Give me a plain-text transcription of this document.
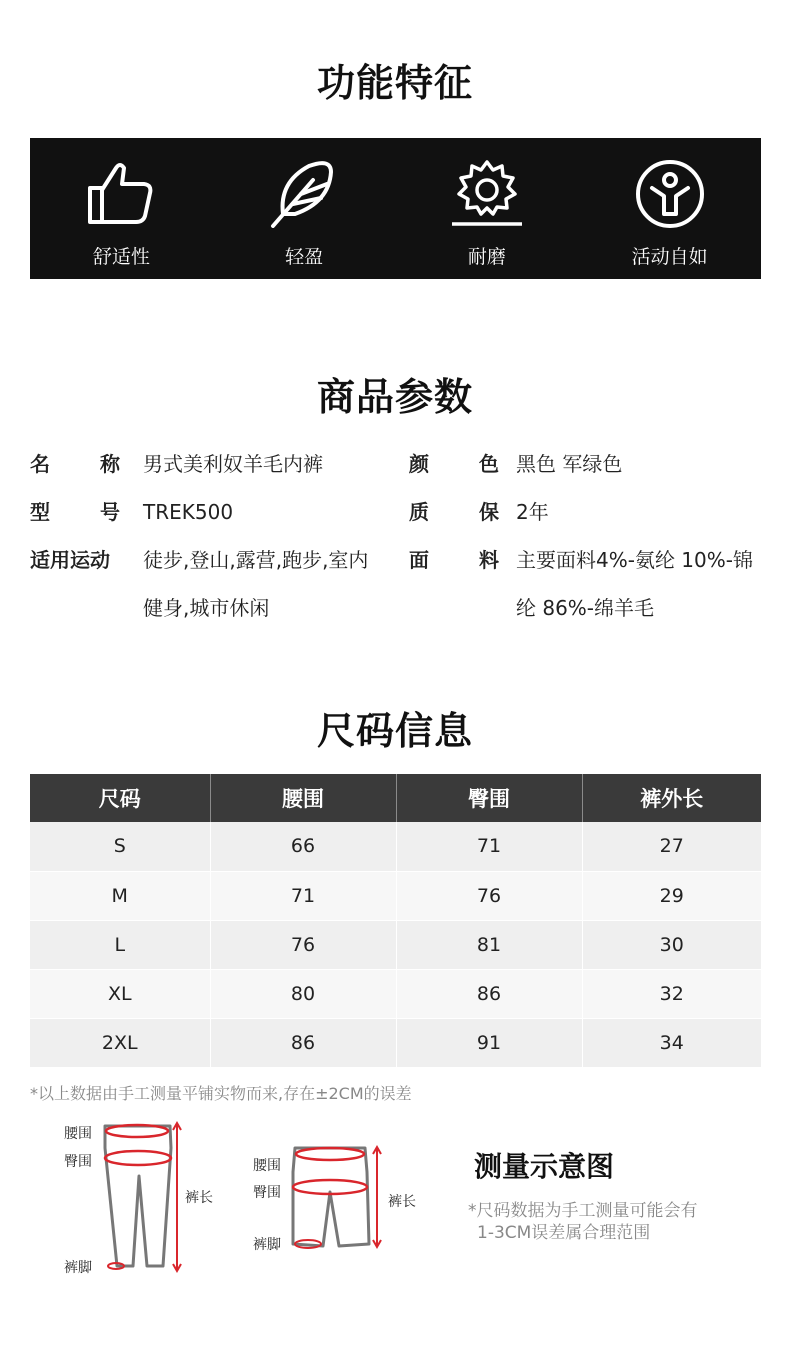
功能特征
舒适性	轻盈	耐磨	活动自如
商品参数
名	称 男式美利奴羊毛内裤	颜	色 黑色 军绿色
型	号 TREK500	质	保 2年
适用运动	徒步,登山,露营,跑步,室内
健身,城市休闲
面	料 主要面料4%-氨纶 10%-锦
纶 86%-绵羊毛
尺码信息
尺码	腰围	臀围	裤外长
S	66	71	27
M	71	76	29
L	76	81	30
XL	80	86	32
2XL	86	91	34
*以上数据由手工测量平铺实物而来,存在±2CM的误差
腰围
臀围
裤长
裤脚
腰围
臀围
裤长
裤脚
测量示意图
*尺码数据为手工测量可能会有
1-3CM误差属合理范围
